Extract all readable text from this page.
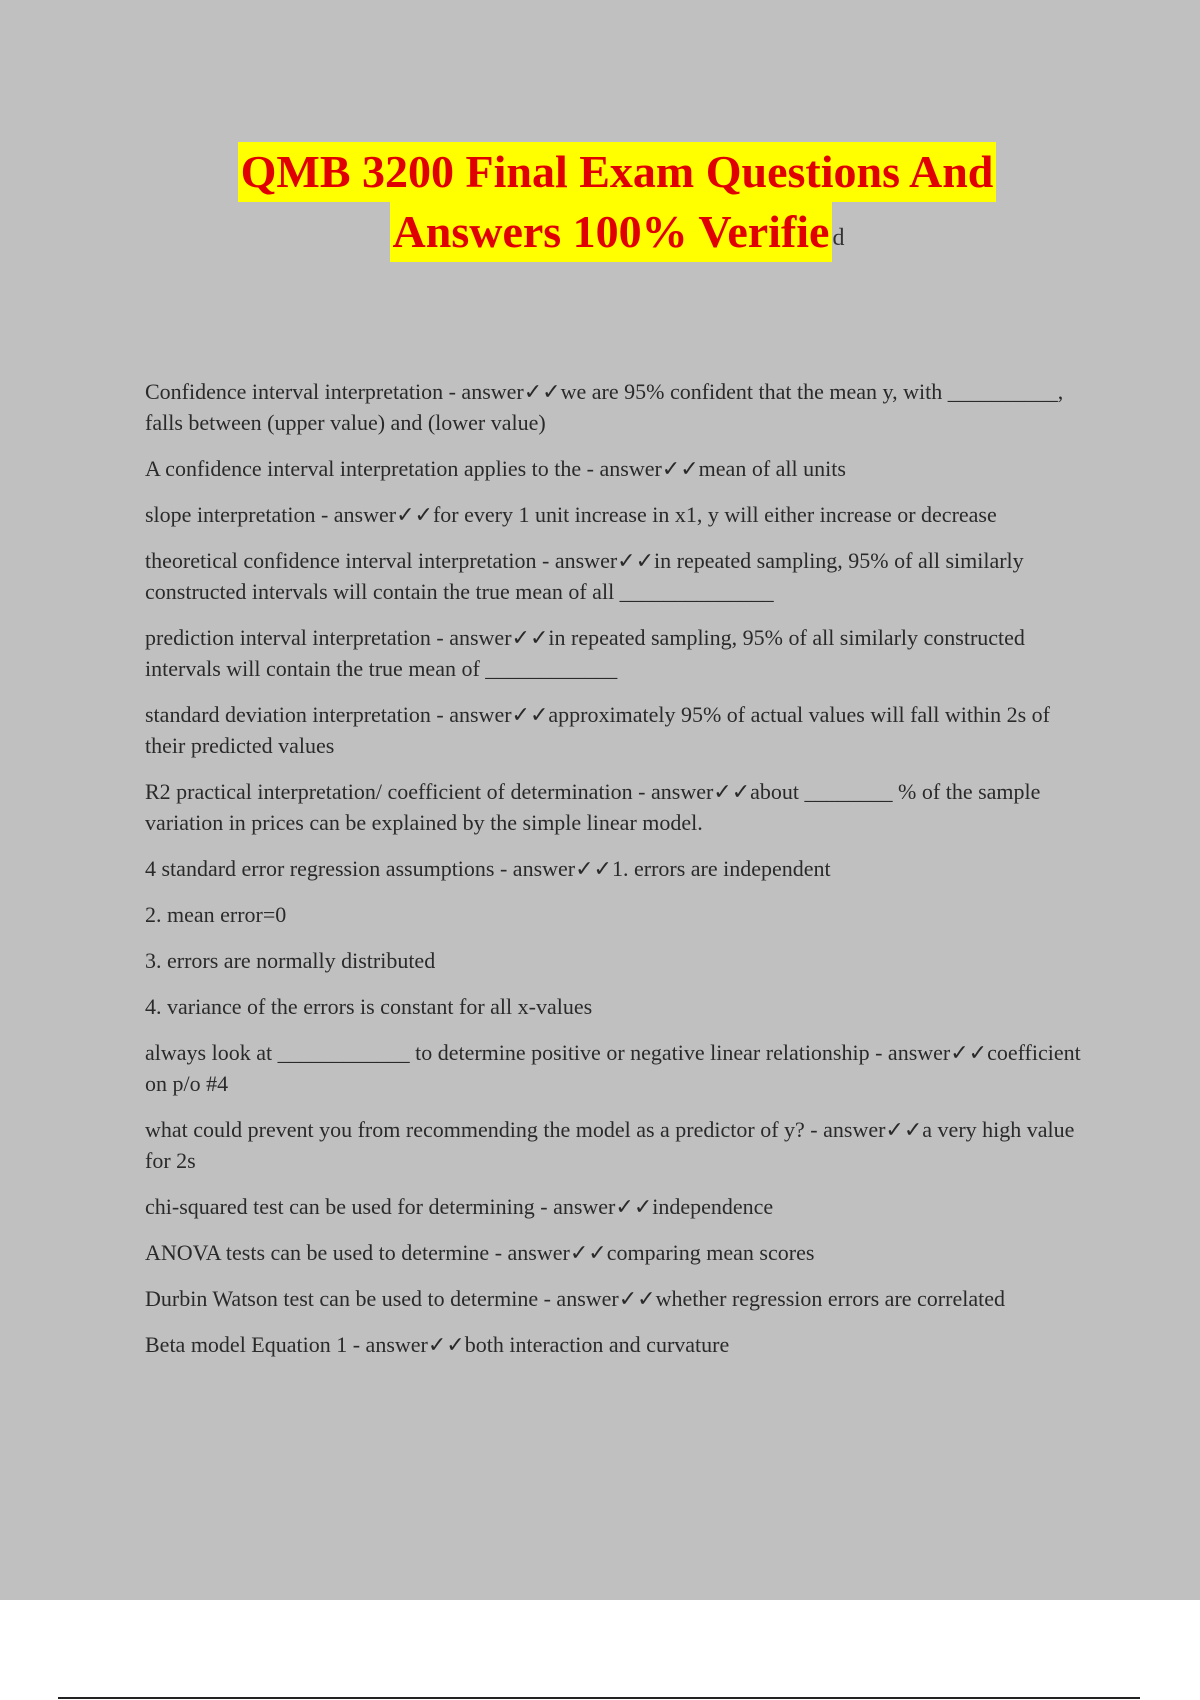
QMB 3200 Final Exam Questions And
Answers 100% Verifie d

Confidence interval interpretation - answer✓✓we are 95% confident that the mean y, with __________, falls between (upper value) and (lower value)

A confidence interval interpretation applies to the - answer✓✓mean of all units

slope interpretation - answer✓✓for every 1 unit increase in x1, y will either increase or decrease

theoretical confidence interval interpretation - answer✓✓in repeated sampling, 95% of all similarly constructed intervals will contain the true mean of all ______________

prediction interval interpretation - answer✓✓in repeated sampling, 95% of all similarly constructed intervals will contain the true mean of ____________

standard deviation interpretation - answer✓✓approximately 95% of actual values will fall within 2s of their predicted values

R2 practical interpretation/ coefficient of determination - answer✓✓about ________ % of the sample variation in prices can be explained by the simple linear model.

4 standard error regression assumptions - answer✓✓1. errors are independent

2. mean error=0

3. errors are normally distributed

4. variance of the errors is constant for all x-values

always look at ____________ to determine positive or negative linear relationship - answer✓✓coefficient on p/o #4

what could prevent you from recommending the model as a predictor of y? - answer✓✓a very high value for 2s

chi-squared test can be used for determining - answer✓✓independence

ANOVA tests can be used to determine - answer✓✓comparing mean scores

Durbin Watson test can be used to determine - answer✓✓whether regression errors are correlated

Beta model Equation 1 - answer✓✓both interaction and curvature
